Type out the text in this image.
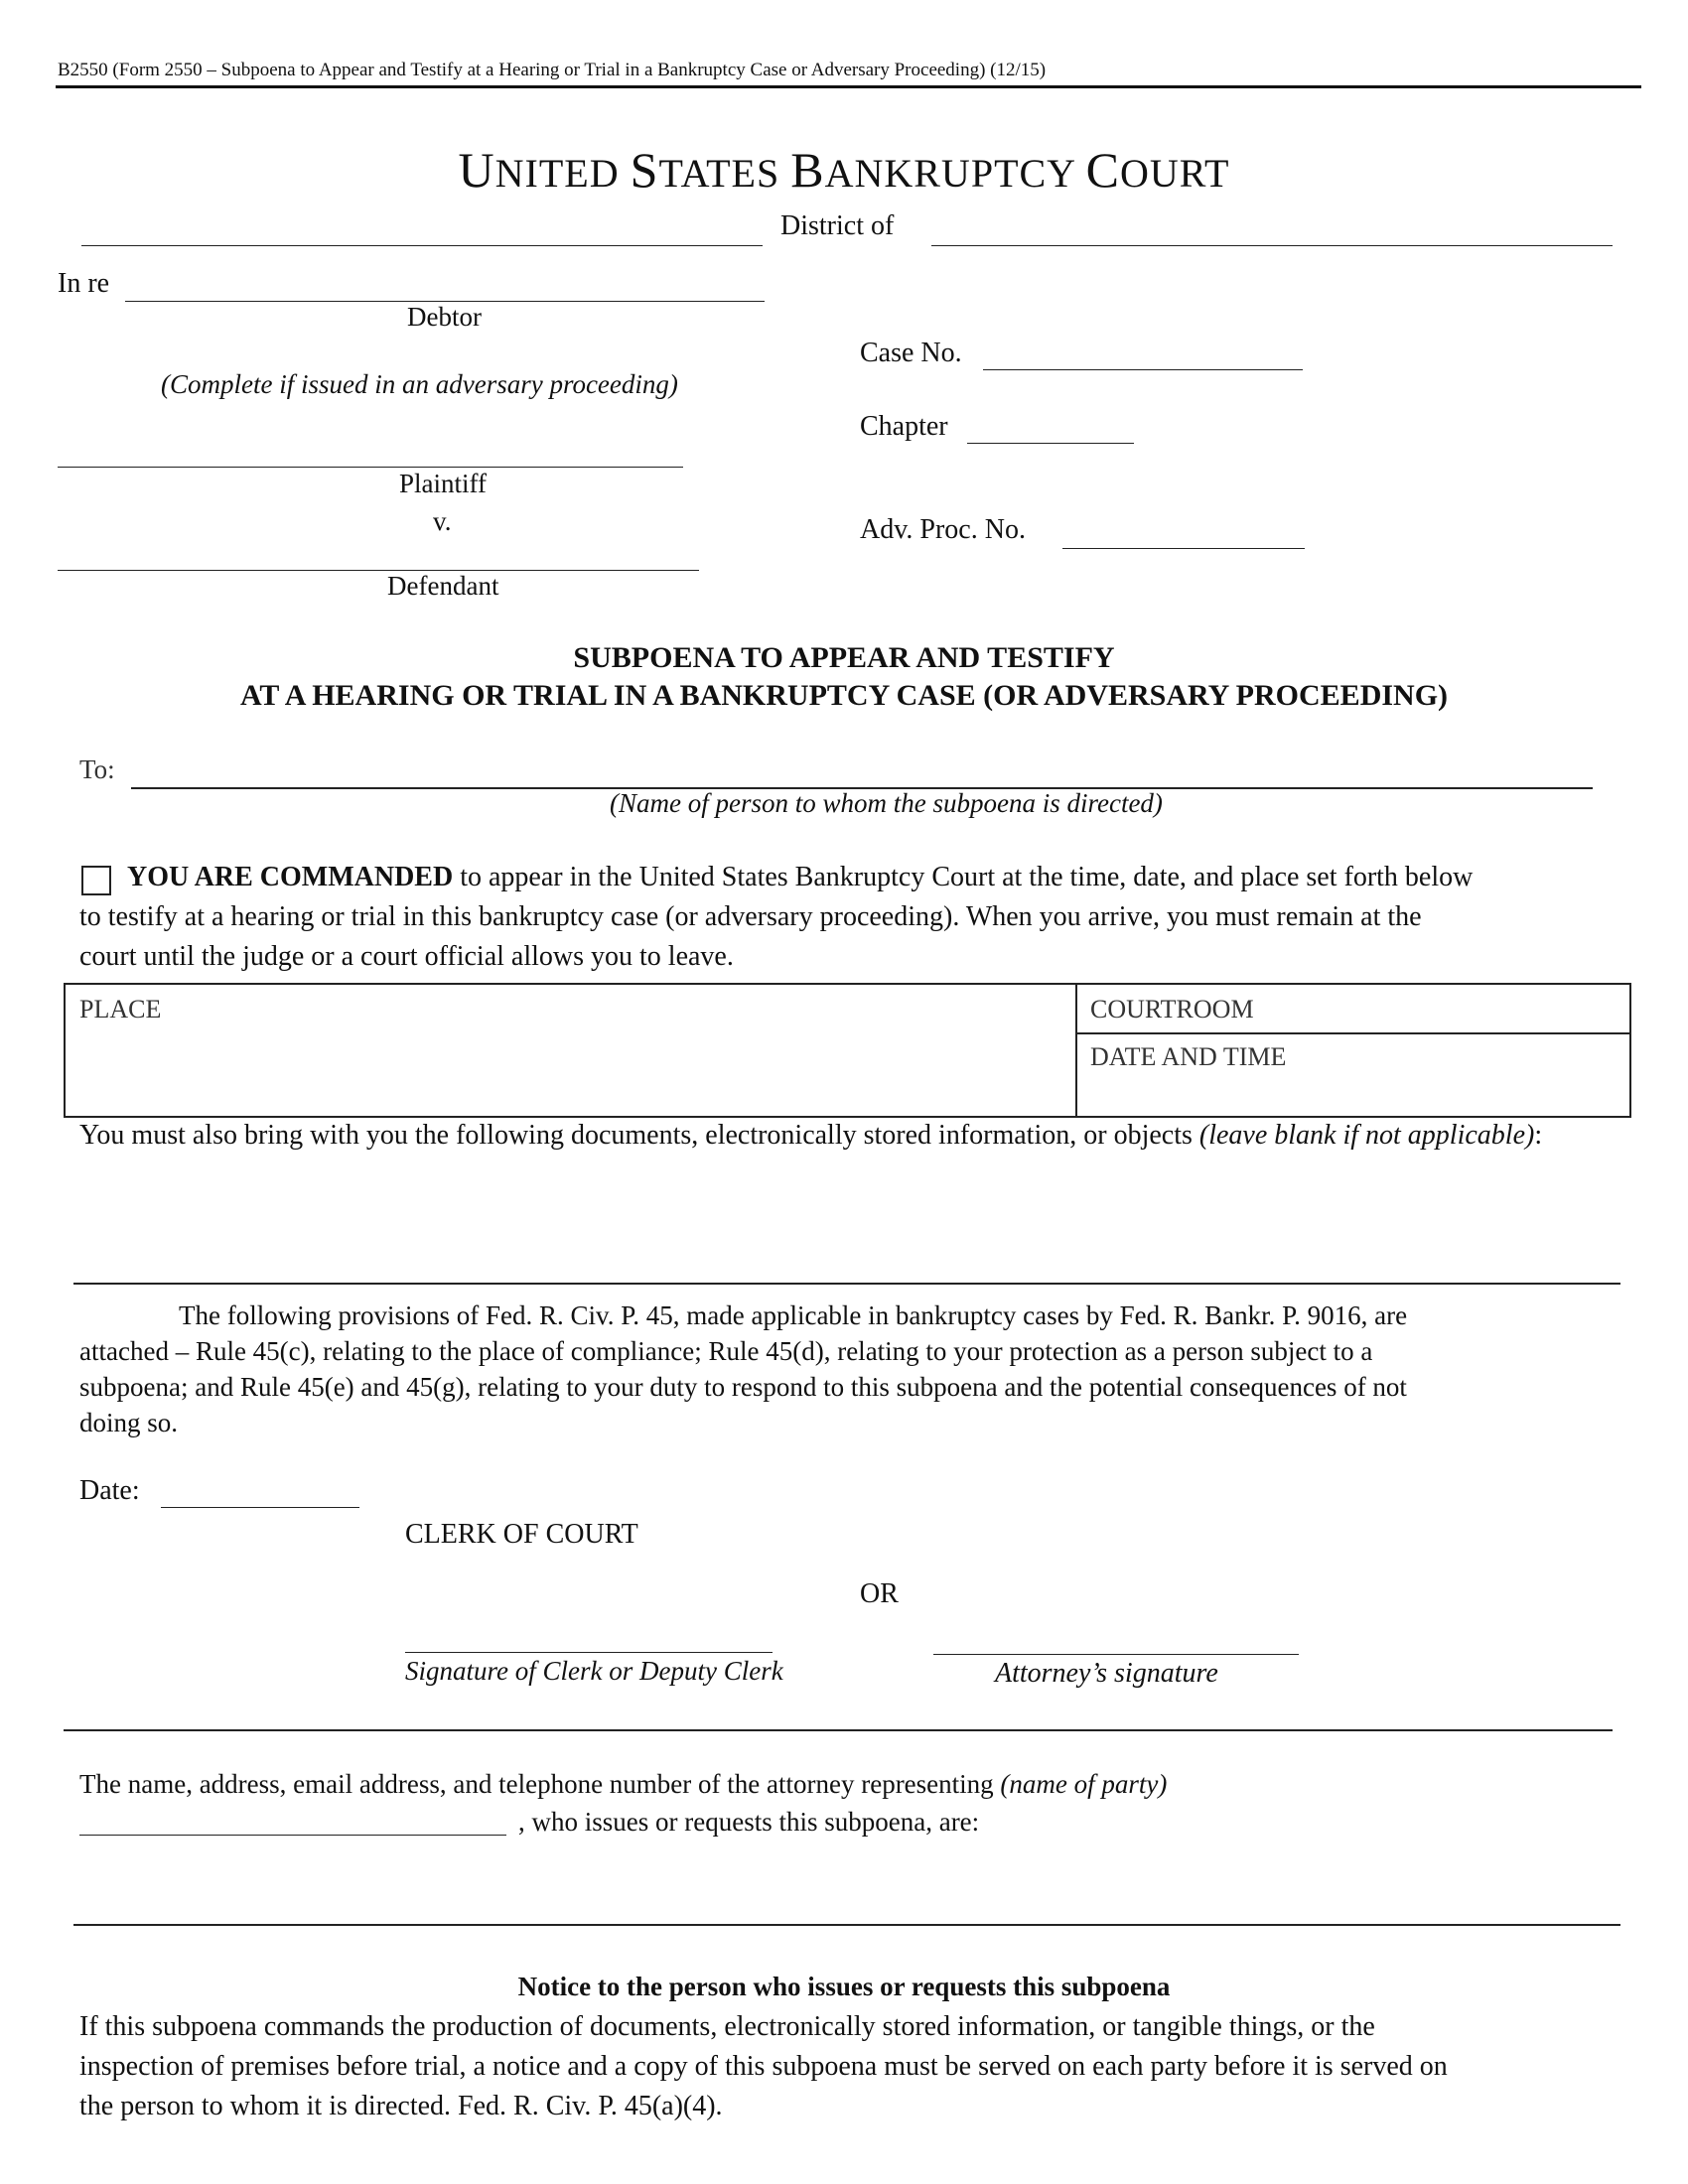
B2550 (Form 2550 – Subpoena to Appear and Testify at a Hearing or Trial in a Bankruptcy Case or Adversary Proceeding) (12/15)
UNITED STATES BANKRUPTCY COURT
District of
In re
Debtor
(Complete if issued in an adversary proceeding)
Plaintiff
v.
Defendant
Case No.
Chapter
Adv. Proc. No.
SUBPOENA TO APPEAR AND TESTIFY
AT A HEARING OR TRIAL IN A BANKRUPTCY CASE (OR ADVERSARY PROCEEDING)
To:
(Name of person to whom the subpoena is directed)
YOU ARE COMMANDED to appear in the United States Bankruptcy Court at the time, date, and place set forth below
to testify at a hearing or trial in this bankruptcy case (or adversary proceeding). When you arrive, you must remain at the
court until the judge or a court official allows you to leave.
PLACE	COURTROOM
DATE AND TIME
You must also bring with you the following documents, electronically stored information, or objects (leave blank if not applicable):
The following provisions of Fed. R. Civ. P. 45, made applicable in bankruptcy cases by Fed. R. Bankr. P. 9016, are
attached – Rule 45(c), relating to the place of compliance; Rule 45(d), relating to your protection as a person subject to a
subpoena; and Rule 45(e) and 45(g), relating to your duty to respond to this subpoena and the potential consequences of not
doing so.
Date:
CLERK OF COURT
OR
Signature of Clerk or Deputy Clerk	Attorney’s signature
The name, address, email address, and telephone number of the attorney representing (name of party)
, who issues or requests this subpoena, are:
Notice to the person who issues or requests this subpoena
If this subpoena commands the production of documents, electronically stored information, or tangible things, or the
inspection of premises before trial, a notice and a copy of this subpoena must be served on each party before it is served on
the person to whom it is directed. Fed. R. Civ. P. 45(a)(4).
